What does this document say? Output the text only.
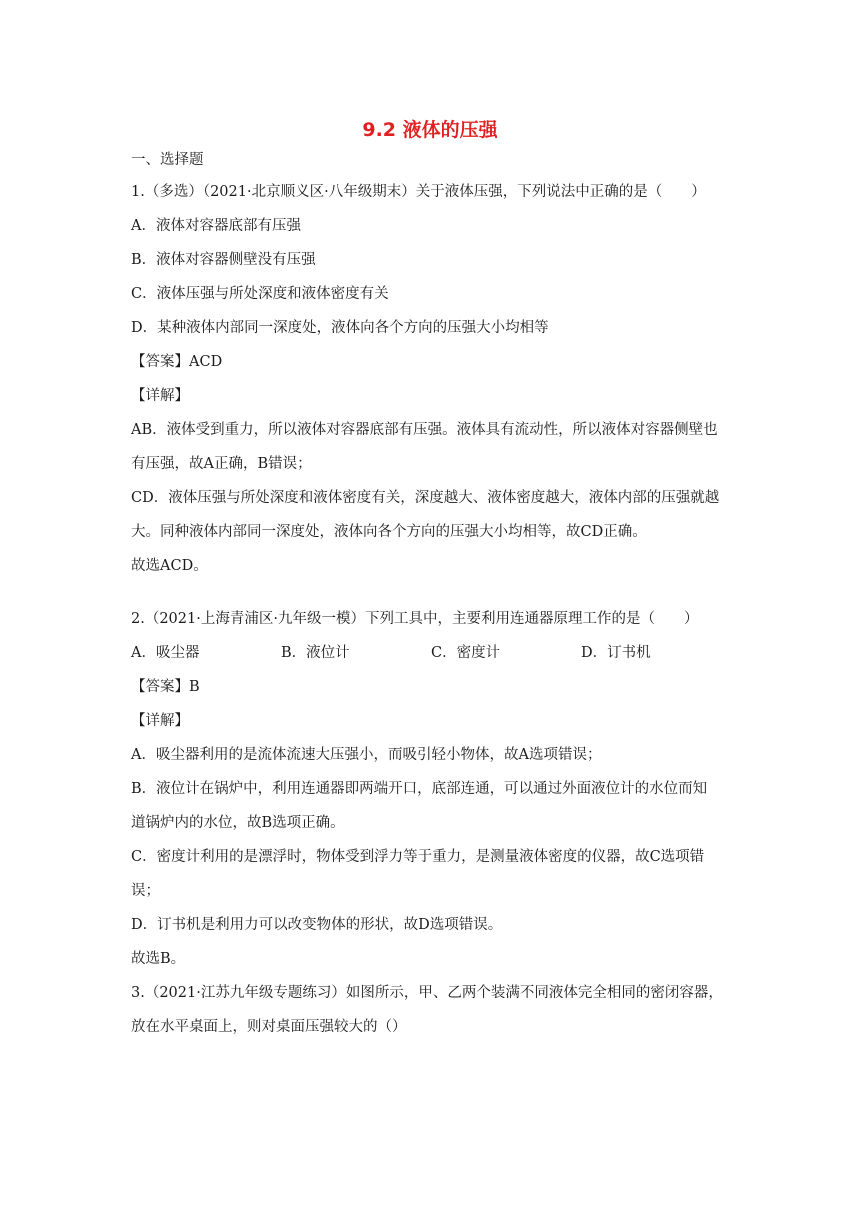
9.2 液体的压强
一、选择题
1.（多选）（2021·北京顺义区·八年级期末）关于液体压强，下列说法中正确的是（　　）
A．液体对容器底部有压强
B．液体对容器侧壁没有压强
C．液体压强与所处深度和液体密度有关
D．某种液体内部同一深度处，液体向各个方向的压强大小均相等
【答案】ACD
【详解】
AB．液体受到重力，所以液体对容器底部有压强。液体具有流动性，所以液体对容器侧壁也
有压强，故A正确，B错误；
CD．液体压强与所处深度和液体密度有关，深度越大、液体密度越大，液体内部的压强就越
大。同种液体内部同一深度处，液体向各个方向的压强大小均相等，故CD正确。
故选ACD。
2.（2021·上海青浦区·九年级一模）下列工具中，主要利用连通器原理工作的是（　　）
A．吸尘器	B．液位计	C．密度计	D．订书机
【答案】B
【详解】
A．吸尘器利用的是流体流速大压强小，而吸引轻小物体，故A选项错误；
B．液位计在锅炉中，利用连通器即两端开口，底部连通，可以通过外面液位计的水位而知
道锅炉内的水位，故B选项正确。
C．密度计利用的是漂浮时，物体受到浮力等于重力，是测量液体密度的仪器，故C选项错
误；
D．订书机是利用力可以改变物体的形状，故D选项错误。
故选B。
3.（2021·江苏九年级专题练习）如图所示，甲、乙两个装满不同液体完全相同的密闭容器，
放在水平桌面上，则对桌面压强较大的（）
